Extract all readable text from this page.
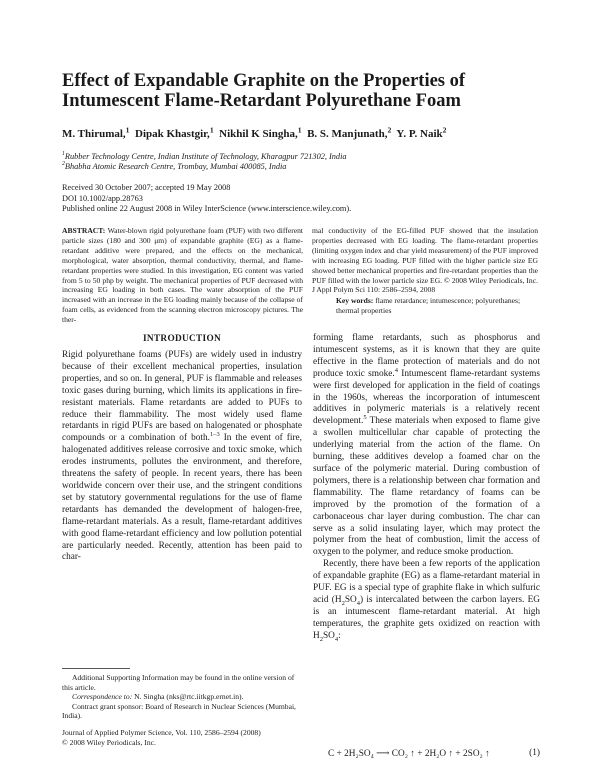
Effect of Expandable Graphite on the Properties of Intumescent Flame-Retardant Polyurethane Foam
M. Thirumal,$^1$ Dipak Khastgir,$^1$ Nikhil K Singha,$^1$ B. S. Manjunath,$^2$ Y. P. Naik$^2$
$^1$Rubber Technology Centre, Indian Institute of Technology, Kharagpur 721302, India
$^2$Bhabha Atomic Research Centre, Trombay, Mumbai 400085, India
Received 30 October 2007; accepted 19 May 2008
DOI 10.1002/app.28763
Published online 22 August 2008 in Wiley InterScience (www.interscience.wiley.com).
ABSTRACT: Water-blown rigid polyurethane foam (PUF) with two different particle sizes (180 and 300 μm) of expandable graphite (EG) as a flame-retardant additive were prepared, and the effects on the mechanical, morphological, water absorption, thermal conductivity, thermal, and flame-retardant properties were studied. In this investigation, EG content was varied from 5 to 50 php by weight. The mechanical properties of PUF decreased with increasing EG loading in both cases. The water absorption of the PUF increased with an increase in the EG loading mainly because of the collapse of foam cells, as evidenced from the scanning electron microscopy pictures. The ther-
mal conductivity of the EG-filled PUF showed that the insulation properties decreased with EG loading. The flame-retardant properties (limiting oxygen index and char yield measurement) of the PUF improved with increasing EG loading. PUF filled with the higher particle size EG showed better mechanical properties and fire-retardant properties than the PUF filled with the lower particle size EG. © 2008 Wiley Periodicals, Inc. J Appl Polym Sci 110: 2586–2594, 2008
Key words: flame retardance; intumescence; polyurethanes; thermal properties
INTRODUCTION

Rigid polyurethane foams (PUFs) are widely used in industry because of their excellent mechanical properties, insulation properties, and so on. In general, PUF is flammable and releases toxic gases during burning, which limits its applications in fire-resistant materials. Flame retardants are added to PUFs to reduce their flammability. The most widely used flame retardants in rigid PUFs are based on halogenated or phosphate compounds or a combination of both.$^{1-3}$ In the event of fire, halogenated additives release corrosive and toxic smoke, which erodes instruments, pollutes the environment, and therefore, threatens the safety of people. In recent years, there has been worldwide concern over their use, and the stringent conditions set by statutory governmental regulations for the use of flame retardants has demanded the development of halogen-free, flame-retardant materials. As a result, flame-retardant additives with good flame-retardant efficiency and low pollution potential are particularly needed. Recently, attention has been paid to char-

forming flame retardants, such as phosphorus and intumescent systems, as it is known that they are quite effective in the flame protection of materials and do not produce toxic smoke.$^4$ Intumescent flame-retardant systems were first developed for application in the field of coatings in the 1960s, whereas the incorporation of intumescent additives in polymeric materials is a relatively recent development.$^5$ These materials when exposed to flame give a swollen multicellular char capable of protecting the underlying material from the action of the flame. On burning, these additives develop a foamed char on the surface of the polymeric material. During combustion of polymers, there is a relationship between char formation and flammability. The flame retardancy of foams can be improved by the promotion of the formation of a carbonaceous char layer during combustion. The char can serve as a solid insulating layer, which may protect the polymer from the heat of combustion, limit the access of oxygen to the polymer, and reduce smoke production.

Recently, there have been a few reports of the application of expandable graphite (EG) as a flame-retardant material in PUF. EG is a special type of graphite flake in which sulfuric acid $(H_2SO_4)$ is intercalated between the carbon layers. EG is an intumescent flame-retardant material. At high temperatures, the graphite gets oxidized on reaction with $H_2SO_4$:

Additional Supporting Information may be found in the online version of this article.

Correspondence to: N. Singha (nks@rtc.iitkgp.ernet.in).

Contract grant sponsor: Board of Research in Nuclear Sciences (Mumbai, India).

Journal of Applied Polymer Science, Vol. 110, 2586–2594 (2008)
© 2008 Wiley Periodicals, Inc.
C + 2H₂SO₄ ⟶ CO₂ ↑ + 2H₂O ↑ + 2SO₂ ↑	(1)
